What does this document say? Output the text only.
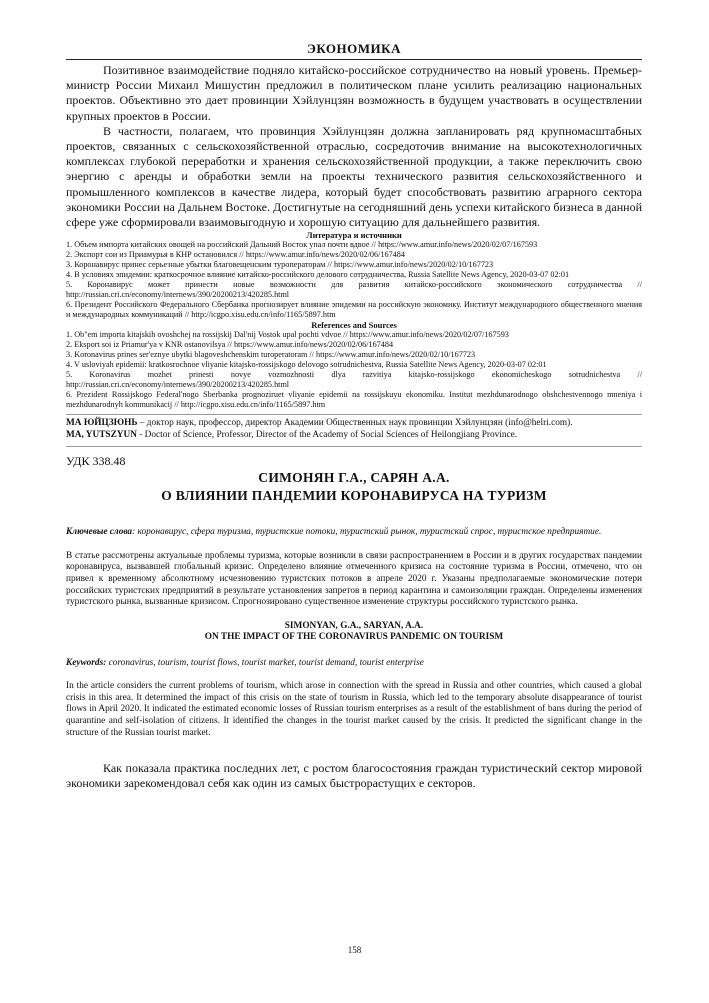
ЭКОНОМИКА

Позитивное взаимодействие подняло китайско-российское сотрудничество на новый уровень. Премьер-министр России Михаил Мишустин предложил в политическом плане усилить реализацию национальных проектов. Объективно это дает провинции Хэйлунцзян возможность в будущем участвовать в осуществлении крупных проектов в России.

В частности, полагаем, что провинция Хэйлунцзян должна запланировать ряд крупномасштабных проектов, связанных с сельскохозяйственной отраслью, сосредоточив внимание на высокотехнологичных комплексах глубокой переработки и хранения сельскохозяйственной продукции, а также переключить свою энергию с аренды и обработки земли на проекты технического развития сельскохозяйственного и промышленного комплексов в качестве лидера, который будет способствовать развитию аграрного сектора экономики России на Дальнем Востоке. Достигнутые на сегодняшний день успехи китайского бизнеса в данной сфере уже сформировали взаимовыгодную и хорошую ситуацию для дальнейшего развития.

Литература и источники

1. Объем импорта китайских овощей на российский Дальний Восток упал почти вдвое // https://www.amur.info/news/2020/02/07/167593

2. Экспорт сои из Приамурья в КНР остановился // https://www.amur.info/news/2020/02/06/167484

3. Коронавирус принес серьезные убытки благовещенским туроператорам // https://www.amur.info/news/2020/02/10/167723

4. В условиях эпидемии: краткосрочное влияние китайско-российского делового сотрудничества, Russia Satellite News Agency, 2020-03-07 02:01

5. Коронавирус может принести новые возможности для развития китайско-российского экономического сотрудничества // http://russian.cri.cn/economy/internews/390/20200213/420285.html

6. Президент Российского Федерального Сбербанка прогнозирует влияние эпидемии на российскую экономику. Институт международного общественного мнения и международных коммуникаций // http://icgpo.xisu.edu.cn/info/1165/5897.htm

References and Sources

1. Ob"em importa kitajskih ovoshchej na rossijskij Dal'nij Vostok upal pochti vdvoe // https://www.amur.info/news/2020/02/07/167593

2. Eksport soi iz Priamur'ya v KNR ostanovilsya // https://www.amur.info/news/2020/02/06/167484

3. Koronavirus prines ser'eznye ubytki blagoveshchenskim turoperatoram // https://www.amur.info/news/2020/02/10/167723

4. V usloviyah epidemii: kratkosrochnoe vliyanie kitajsko-rossijskogo delovogo sotrudnichestva, Russia Satellite News Agency, 2020-03-07 02:01

5. Koronavirus mozhet prinesti novye vozmozhnosti dlya razvitiya kitajsko-rossijskogo ekonomicheskogo sotrudnichestva // http://russian.cri.cn/economy/internews/390/20200213/420285.html

6. Prezident Rossijskogo Federal'nogo Sberbanka prognoziruet vliyanie epidemii na rossijskuyu ekonomiku. Institut mezhdunarodnogo obshchestvennogo mneniya i mezhdunarodnyh kommunikacij // http://icgpo.xisu.edu.cn/info/1165/5897.htm

МА ЮЙЦЗЮНЬ – доктор наук, профессор, директор Академии Общественных наук провинции Хэйлунцзян (info@helri.com).

MA, YUTSZYUN - Doctor of Science, Professor, Director of the Academy of Social Sciences of Heilongjiang Province.

УДК 338.48

СИМОНЯН Г.А., САРЯН А.А.

О ВЛИЯНИИ ПАНДЕМИИ КОРОНАВИРУСА НА ТУРИЗМ

Ключевые слова: коронавирус, сфера туризма, туристские потоки, туристский рынок, туристский спрос, туристское предприятие.

В статье рассмотрены актуальные проблемы туризма, которые возникли в связи распространением в России и в других государствах пандемии коронавируса, вызвавшей глобальный кризис. Определено влияние отмеченного кризиса на состояние туризма в России, отмечено, что он привел к временному абсолютному исчезновению туристских потоков в апреле 2020 г. Указаны предполагаемые экономические потери российских туристских предприятий в результате установления запретов в период карантина и самоизоляции граждан. Определены изменения туристского рынка, вызванные кризисом. Спрогнозировано существенное изменение структуры российского туристского рынка.

SIMONYAN, G.A., SARYAN, A.A.

ON THE IMPACT OF THE CORONAVIRUS PANDEMIC ON TOURISM

Keywords: coronavirus, tourism, tourist flows, tourist market, tourist demand, tourist enterprise

In the article considers the current problems of tourism, which arose in connection with the spread in Russia and other countries, which caused a global crisis in this area. It determined the impact of this crisis on the state of tourism in Russia, which led to the temporary absolute disappearance of tourist flows in April 2020. It indicated the estimated economic losses of Russian tourism enterprises as a result of the establishment of bans during the period of quarantine and self-isolation of citizens. It identified the changes in the tourist market caused by the crisis. It predicted the significant change in the structure of the Russian tourist market.

Как показала практика последних лет, с ростом благосостояния граждан туристический сектор мировой экономики зарекомендовал себя как один из самых быстрорастущих е секторов.

158
